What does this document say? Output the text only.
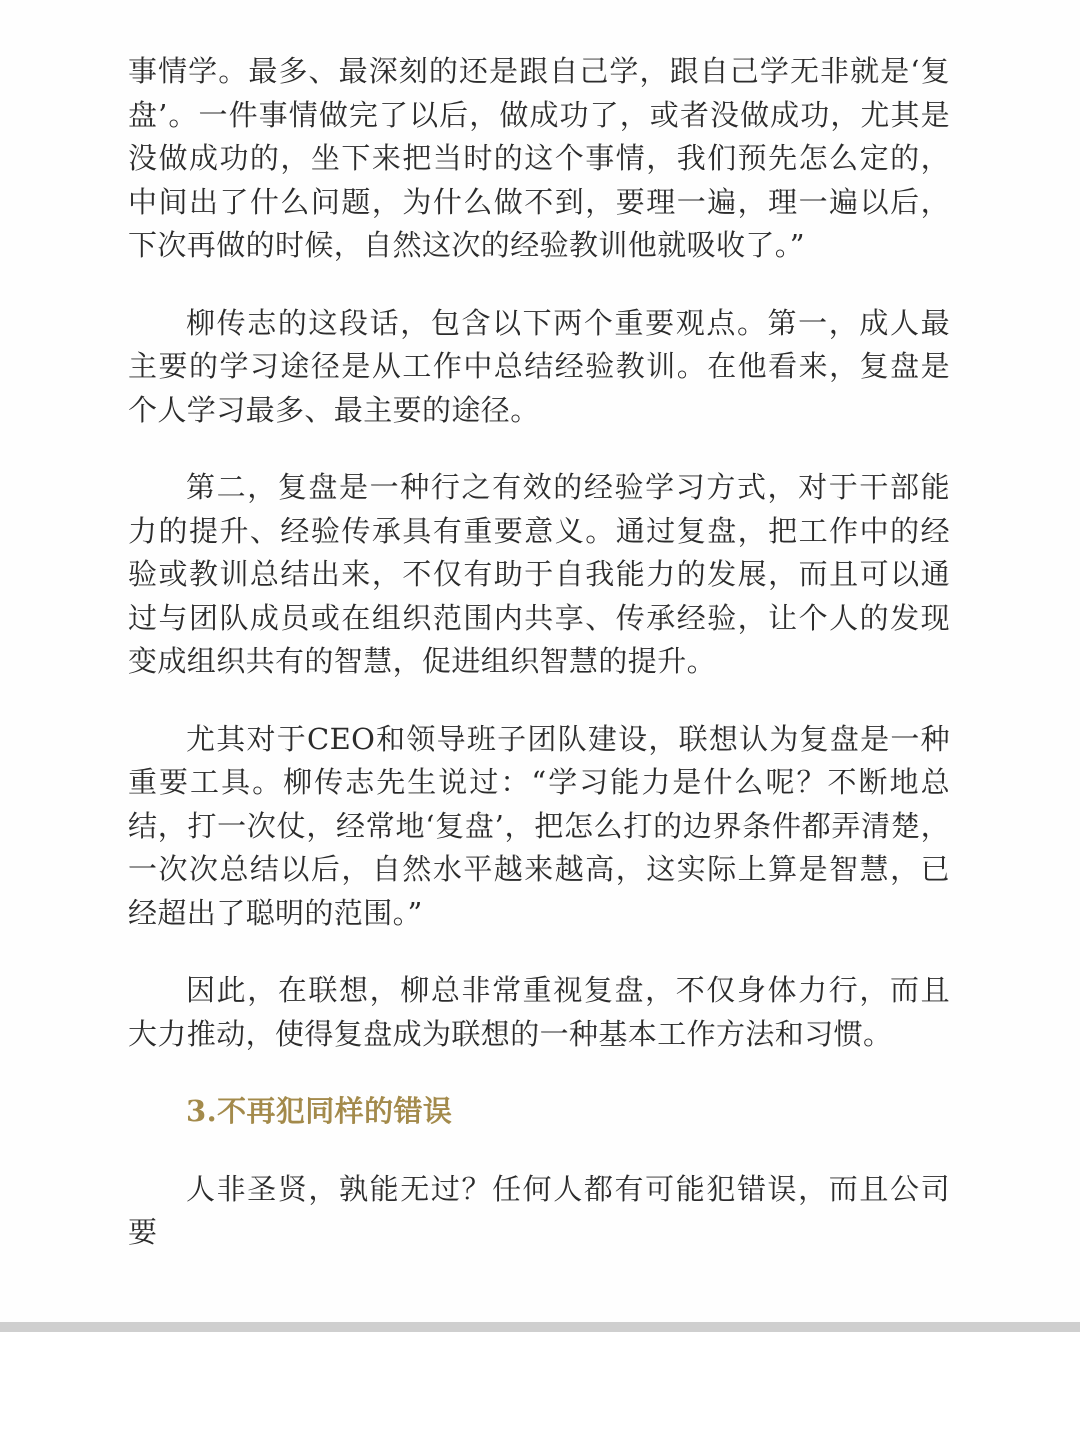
事情学。最多、最深刻的还是跟自己学，跟自己学无非就是‘复盘’。一件事情做完了以后，做成功了，或者没做成功，尤其是没做成功的，坐下来把当时的这个事情，我们预先怎么定的，中间出了什么问题，为什么做不到，要理一遍，理一遍以后，下次再做的时候，自然这次的经验教训他就吸收了。”

柳传志的这段话，包含以下两个重要观点。第一，成人最主要的学习途径是从工作中总结经验教训。在他看来，复盘是个人学习最多、最主要的途径。

第二，复盘是一种行之有效的经验学习方式，对于干部能力的提升、经验传承具有重要意义。通过复盘，把工作中的经验或教训总结出来，不仅有助于自我能力的发展，而且可以通过与团队成员或在组织范围内共享、传承经验，让个人的发现变成组织共有的智慧，促进组织智慧的提升。

尤其对于CEO和领导班子团队建设，联想认为复盘是一种重要工具。柳传志先生说过：“学习能力是什么呢？不断地总结，打一次仗，经常地‘复盘’，把怎么打的边界条件都弄清楚，一次次总结以后，自然水平越来越高，这实际上算是智慧，已经超出了聪明的范围。”

因此，在联想，柳总非常重视复盘，不仅身体力行，而且大力推动，使得复盘成为联想的一种基本工作方法和习惯。

3.不再犯同样的错误

人非圣贤，孰能无过？任何人都有可能犯错误，而且公司要
